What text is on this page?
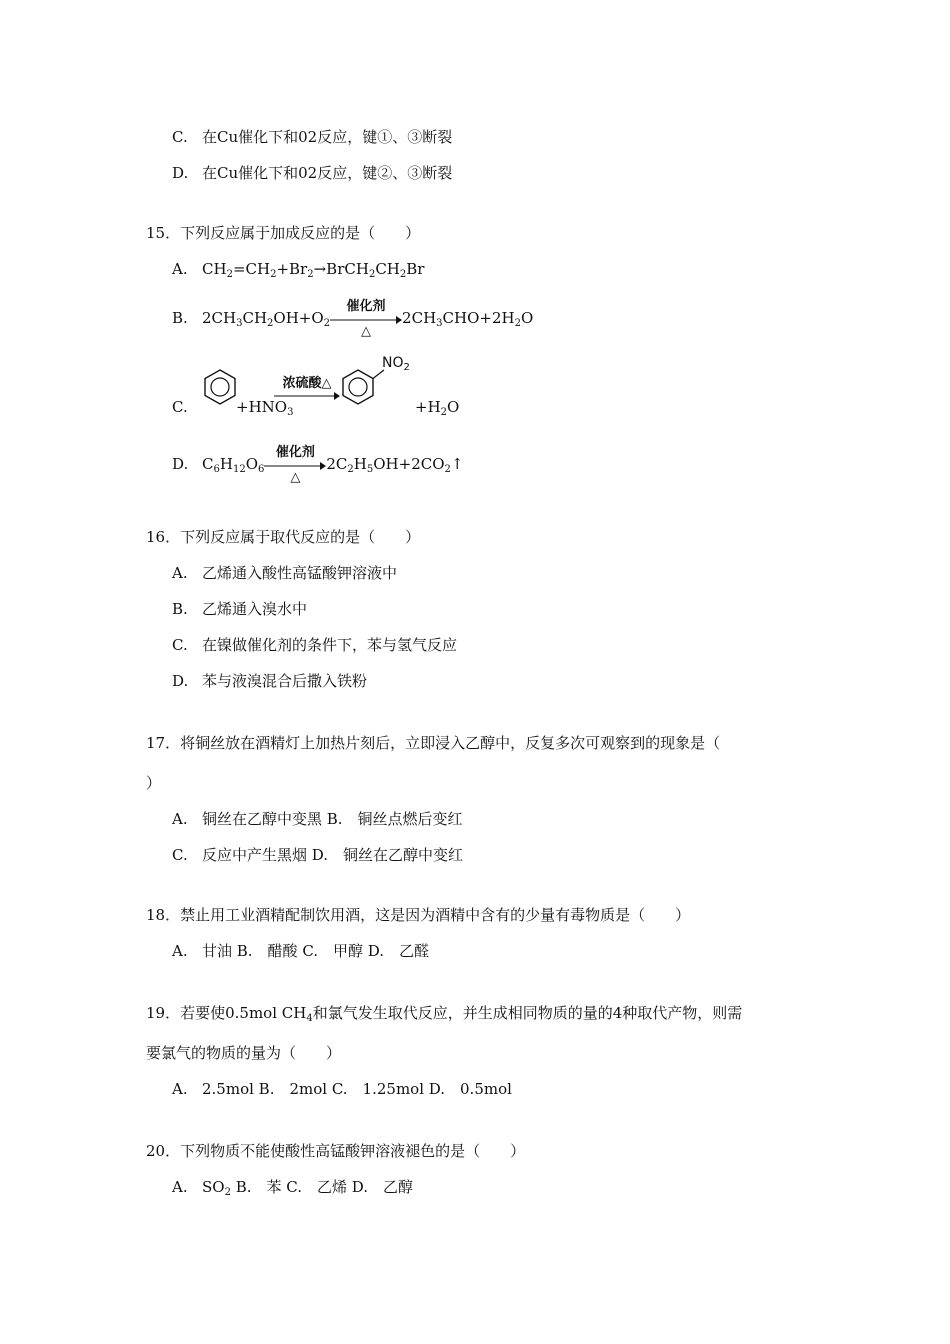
C. 在Cu催化下和02反应，键①、③断裂
D. 在Cu催化下和02反应，键②、③断裂
15．下列反应属于加成反应的是（　　）
A. $CH_2=CH_2+Br_2\to BrCH_2CH_2Br$
B. $2CH_3CH_2OH+O_2$
催化剂
△
$2CH_3CHO+2H_2O$
C.	$+HNO_3$
浓硫酸△
$NO_2$
$+H_2O$
D. $C_6H_{12}O_6$
催化剂
△
$2C_2H_5OH+2CO_2↑$
16．下列反应属于取代反应的是（　　）
A. 乙烯通入酸性高锰酸钾溶液中
B. 乙烯通入溴水中
C. 在镍做催化剂的条件下，苯与氢气反应
D. 苯与液溴混合后撒入铁粉
17．将铜丝放在酒精灯上加热片刻后，立即浸入乙醇中，反复多次可观察到的现象是（
）
A. 铜丝在乙醇中变黑 B.　铜丝点燃后变红
C. 反应中产生黑烟 D.　铜丝在乙醇中变红
18．禁止用工业酒精配制饮用酒，这是因为酒精中含有的少量有毒物质是（　　）
A. 甘油 B.　醋酸 C.　甲醇 D.　乙醛
19．若要使0.5mol $CH_4$和氯气发生取代反应，并生成相同物质的量的4种取代产物，则需
要氯气的物质的量为（　　）
A. 2.5mol B.　2mol C.　1.25mol D.　0.5mol
20．下列物质不能使酸性高锰酸钾溶液褪色的是（　　）
A. $SO_2$ B.　苯 C.　乙烯 D.　乙醇
